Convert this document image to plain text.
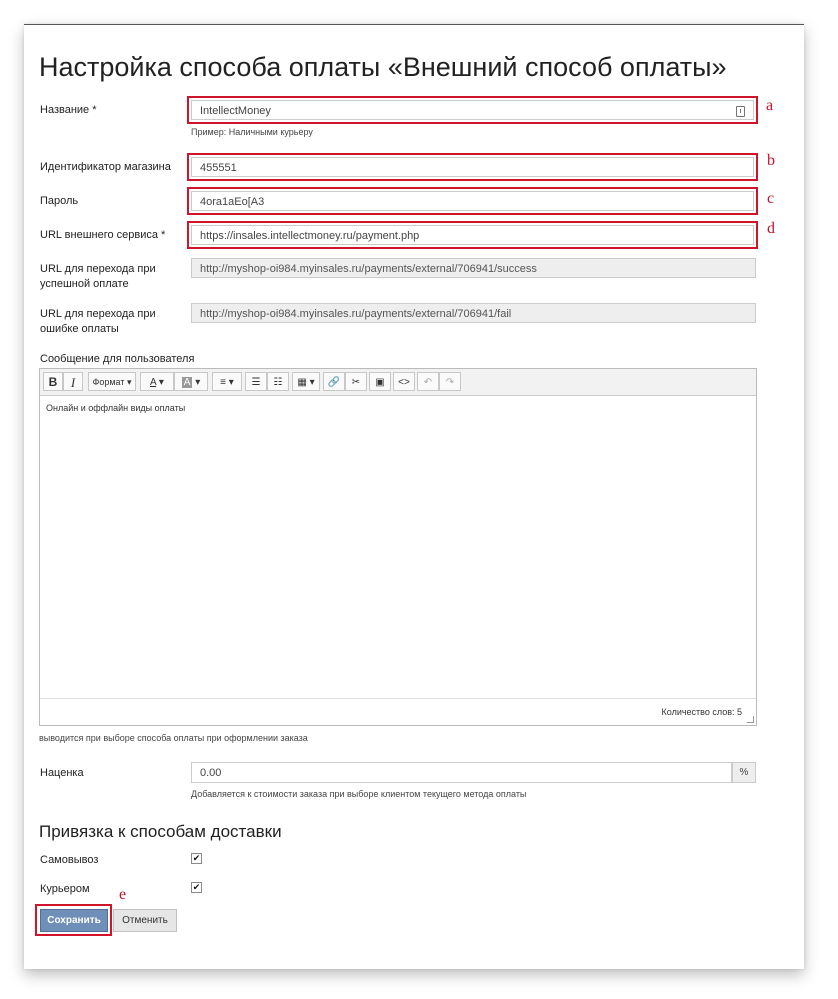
Настройка способа оплаты «Внешний способ оплаты»
Название *	IntellectMoney	a
Пример: Наличными курьеру
Идентификатор магазина	455551	b
Пароль	4ora1aEo[A3	c
URL внешнего сервиса *	https://insales.intellectmoney.ru/payment.php	d
URL для перехода при
успешной оплате
http://myshop-oi984.myinsales.ru/payments/external/706941/success
URL для перехода при
ошибке оплаты
http://myshop-oi984.myinsales.ru/payments/external/706941/fail
Сообщение для пользователя
B	I	Формат ▾	A ▾	A ▾	≡ ▾	☰	☷	▦ ▾	🔗	✂	▣	<>	↶	↷
Онлайн и оффлайн виды оплаты
Количество слов: 5
выводится при выборе способа оплаты при оформлении заказа
Наценка	0.00	%
Добавляется к стоимости заказа при выборе клиентом текущего метода оплаты
Привязка к способам доставки
Самовывоз	✔
Курьером	✔
e
Сохранить	Отменить
